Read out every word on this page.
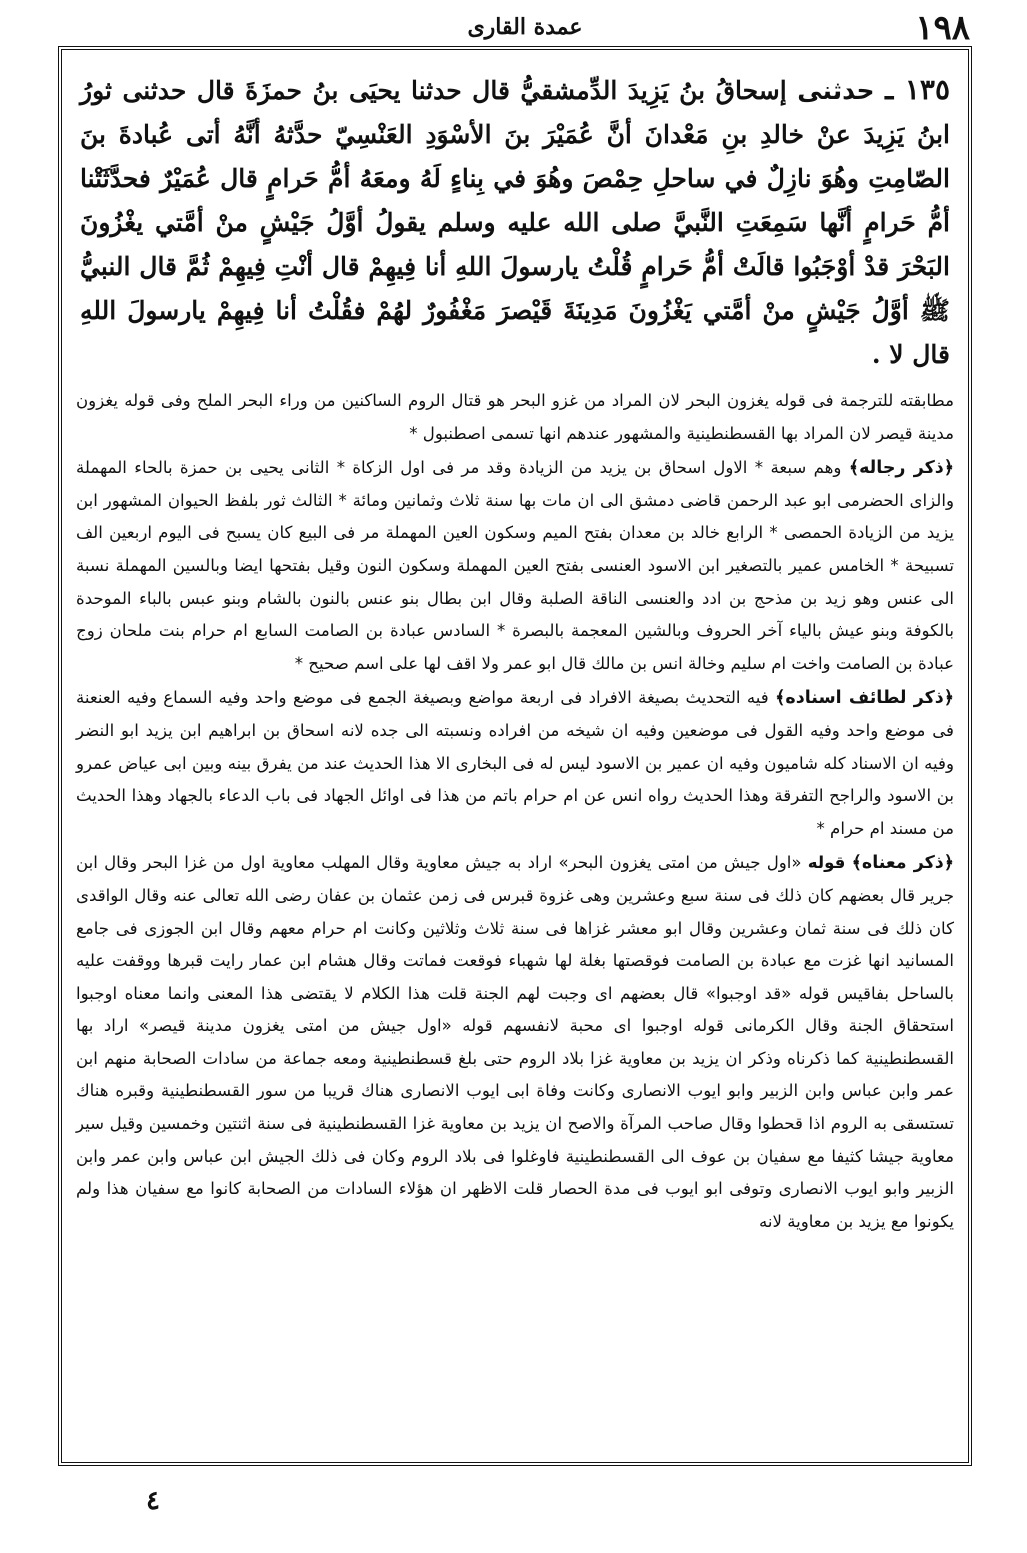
١٩٨
عمدة القارى
١٣٥ ـ حدثنى إسحاقُ بنُ يَزِيدَ الدِّمشقيُّ قال حدثنا يحيَى بنُ حمزَةَ قال حدثنى ثورُ ابنُ يَزِيدَ عنْ خالدِ بنِ مَعْدانَ أنَّ عُمَيْرَ بنَ الأسْوَدِ العَنْسِيّ حدَّثهُ أنَّهُ أتى عُبادةَ بنَ الصّامِتِ وهُوَ نازِلٌ في ساحلِ حِمْصَ وهُوَ في بِناءٍ لَهُ ومعَهُ أمُّ حَرامٍ قال عُمَيْرٌ فحدَّثَتْنا أمُّ حَرامٍ أنَّها سَمِعَتِ النَّبيَّ صلى الله عليه وسلم يقولُ أوَّلُ جَيْشٍ منْ أمَّتي يغْزُونَ البَحْرَ قدْ أوْجَبُوا قالَتْ أمُّ حَرامٍ قُلْتُ يارسولَ اللهِ أنا فِيهِمْ قال أنْتِ فِيهِمْ ثُمَّ قال النبيُّ ﷺ أوَّلُ جَيْشٍ منْ أمَّتي يَغْزُونَ مَدِينَةَ قَيْصرَ مَغْفُورٌ لهُمْ فقُلْتُ أنا فِيهِمْ يارسولَ اللهِ قال لا .

مطابقته للترجمة فى قوله يغزون البحر لان المراد من غزو البحر هو قتال الروم الساكنين من وراء البحر الملح وفى قوله يغزون مدينة قيصر لان المراد بها القسطنطينية والمشهور عندهم انها تسمى اصطنبول *

﴿ذكر رجاله﴾ وهم سبعة * الاول اسحاق بن يزيد من الزيادة وقد مر فى اول الزكاة * الثانى يحيى بن حمزة بالحاء المهملة والزاى الحضرمى ابو عبد الرحمن قاضى دمشق الى ان مات بها سنة ثلاث وثمانين ومائة * الثالث ثور بلفظ الحيوان المشهور ابن يزيد من الزيادة الحمصى * الرابع خالد بن معدان بفتح الميم وسكون العين المهملة مر فى البيع كان يسبح فى اليوم اربعين الف تسبيحة * الخامس عمير بالتصغير ابن الاسود العنسى بفتح العين المهملة وسكون النون وقيل بفتحها ايضا وبالسين المهملة نسبة الى عنس وهو زيد بن مذحج بن ادد والعنسى الناقة الصلبة وقال ابن بطال بنو عنس بالنون بالشام وبنو عبس بالباء الموحدة بالكوفة وبنو عيش بالياء آخر الحروف وبالشين المعجمة بالبصرة * السادس عبادة بن الصامت السابع ام حرام بنت ملحان زوج عبادة بن الصامت واخت ام سليم وخالة انس بن مالك قال ابو عمر ولا اقف لها على اسم صحيح *

﴿ذكر لطائف اسناده﴾ فيه التحديث بصيغة الافراد فى اربعة مواضع وبصيغة الجمع فى موضع واحد وفيه السماع وفيه العنعنة فى موضع واحد وفيه القول فى موضعين وفيه ان شيخه من افراده ونسبته الى جده لانه اسحاق بن ابراهيم ابن يزيد ابو النضر وفيه ان الاسناد كله شاميون وفيه ان عمير بن الاسود ليس له فى البخارى الا هذا الحديث عند من يفرق بينه وبين ابى عياض عمرو بن الاسود والراجح التفرقة وهذا الحديث رواه انس عن ام حرام باتم من هذا فى اوائل الجهاد فى باب الدعاء بالجهاد وهذا الحديث من مسند ام حرام *

﴿ذكر معناه﴾ قوله «اول جيش من امتى يغزون البحر» اراد به جيش معاوية وقال المهلب معاوية اول من غزا البحر وقال ابن جرير قال بعضهم كان ذلك فى سنة سبع وعشرين وهى غزوة قبرس فى زمن عثمان بن عفان رضى الله تعالى عنه وقال الواقدى كان ذلك فى سنة ثمان وعشرين وقال ابو معشر غزاها فى سنة ثلاث وثلاثين وكانت ام حرام معهم وقال ابن الجوزى فى جامع المسانيد انها غزت مع عبادة بن الصامت فوقصتها بغلة لها شهباء فوقعت فماتت وقال هشام ابن عمار رايت قبرها ووقفت عليه بالساحل بفاقيس قوله «قد اوجبوا» قال بعضهم اى وجبت لهم الجنة قلت هذا الكلام لا يقتضى هذا المعنى وانما معناه اوجبوا استحقاق الجنة وقال الكرمانى قوله اوجبوا اى محبة لانفسهم قوله «اول جيش من امتى يغزون مدينة قيصر» اراد بها القسطنطينية كما ذكرناه وذكر ان يزيد بن معاوية غزا بلاد الروم حتى بلغ قسطنطينية ومعه جماعة من سادات الصحابة منهم ابن عمر وابن عباس وابن الزبير وابو ايوب الانصارى وكانت وفاة ابى ايوب الانصارى هناك قريبا من سور القسطنطينية وقبره هناك تستسقى به الروم اذا قحطوا وقال صاحب المرآة والاصح ان يزيد بن معاوية غزا القسطنطينية فى سنة اثنتين وخمسين وقيل سير معاوية جيشا كثيفا مع سفيان بن عوف الى القسطنطينية فاوغلوا فى بلاد الروم وكان فى ذلك الجيش ابن عباس وابن عمر وابن الزبير وابو ايوب الانصارى وتوفى ابو ايوب فى مدة الحصار قلت الاظهر ان هؤلاء السادات من الصحابة كانوا مع سفيان هذا ولم يكونوا مع يزيد بن معاوية لانه

٤
